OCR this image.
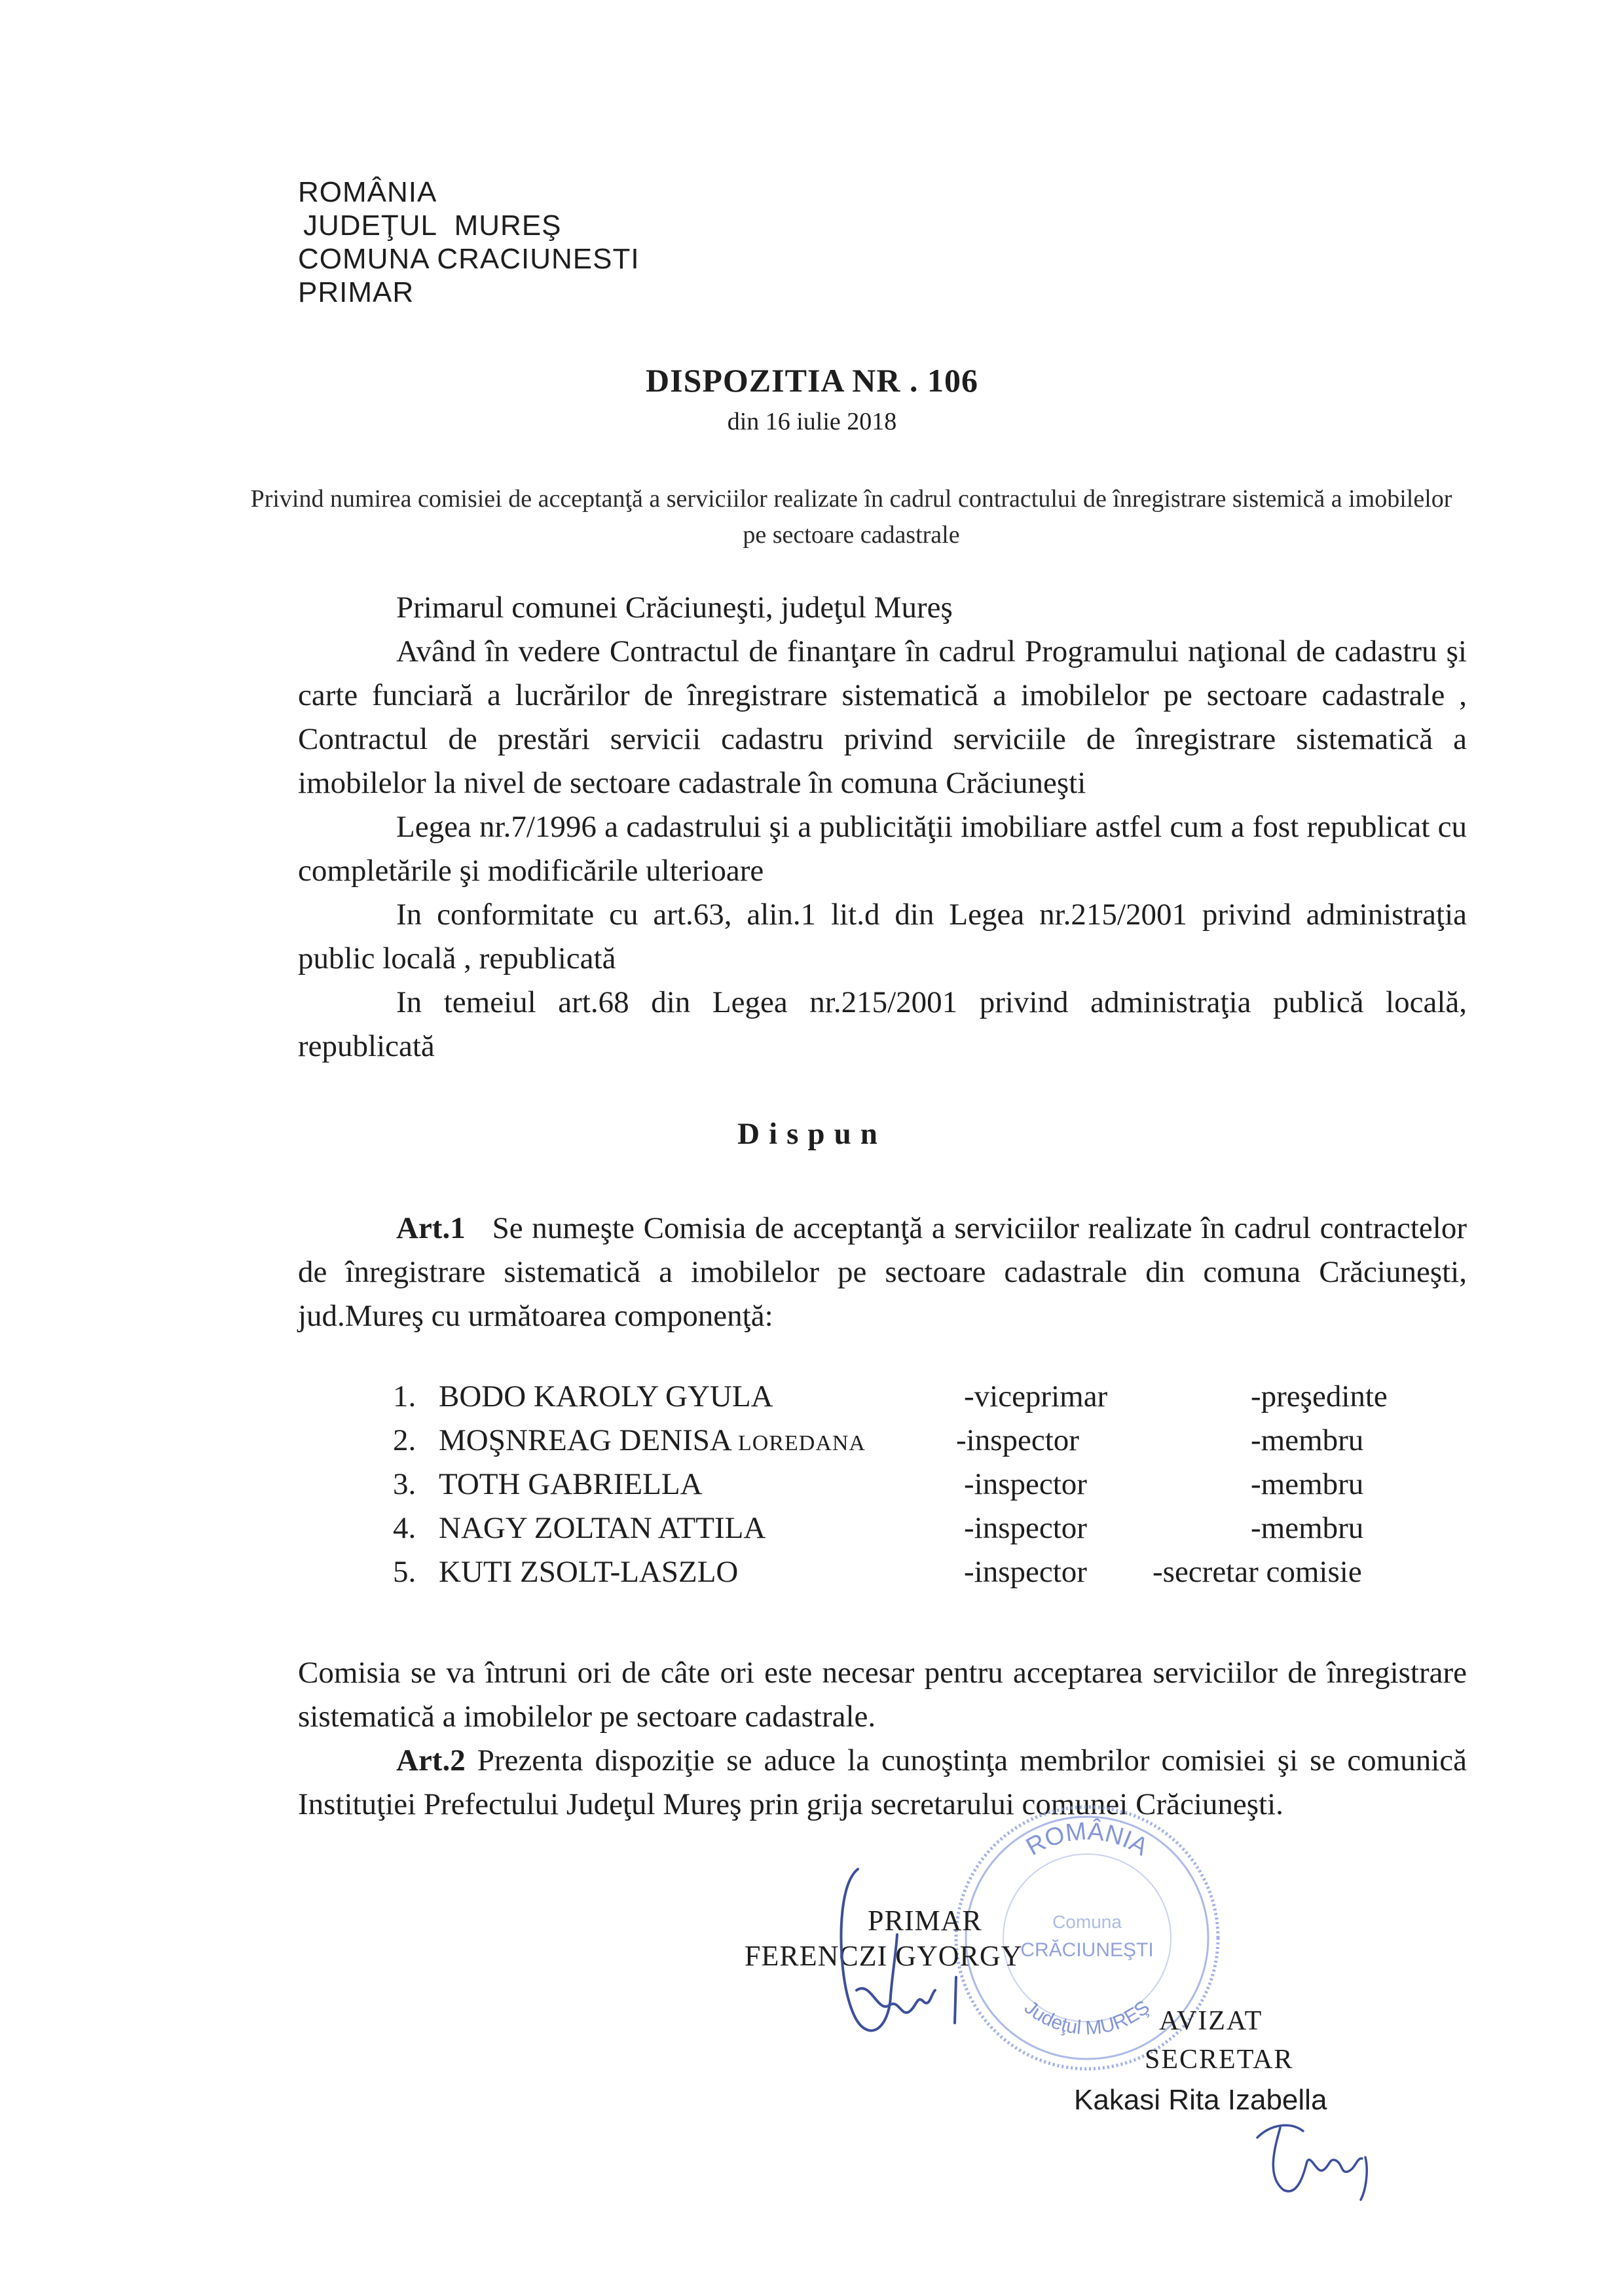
ROMÂNIA
JUDEŢUL MUREŞ
COMUNA CRACIUNESTI
PRIMAR
DISPOZITIA NR . 106
din 16 iulie 2018
Privind numirea comisiei de acceptanţă a serviciilor realizate în cadrul contractului de înregistrare sistemică a imobilelor pe sectoare cadastrale

Primarul comunei Crăciuneşti, judeţul Mureş

Având în vedere Contractul de finanţare în cadrul Programului naţional de cadastru şi carte funciară a lucrărilor de înregistrare sistematică a imobilelor pe sectoare cadastrale , Contractul de prestări servicii cadastru privind serviciile de înregistrare sistematică a imobilelor la nivel de sectoare cadastrale în comuna Crăciuneşti

Legea nr.7/1996 a cadastrului şi a publicităţii imobiliare astfel cum a fost republicat cu completările şi modificările ulterioare

In conformitate cu art.63, alin.1 lit.d din Legea nr.215/2001 privind administraţia public locală , republicată

In temeiul art.68 din Legea nr.215/2001 privind administraţia publică locală, republicată

Dispun

Art.1 Se numeşte Comisia de acceptanţă a serviciilor realizate în cadrul contractelor de înregistrare sistematică a imobilelor pe sectoare cadastrale din comuna Crăciuneşti, jud.Mureş cu următoarea componenţă:

1. BODO KAROLY GYULA	-viceprimar	-preşedinte
2. MOŞNREAG DENISA LOREDANA	-inspector	-membru
3. TOTH GABRIELLA	-inspector	-membru
4. NAGY ZOLTAN ATTILA	-inspector	-membru
5. KUTI ZSOLT-LASZLO	-inspector -secretar comisie

Comisia se va întruni ori de câte ori este necesar pentru acceptarea serviciilor de înregistrare sistematică a imobilelor pe sectoare cadastrale.

Art.2 Prezenta dispoziţie se aduce la cunoştinţa membrilor comisiei şi se comunică Instituţiei Prefectului Judeţul Mureş prin grija secretarului comunei Crăciuneşti.

ROMÂNIA
Comuna
CRĂCIUNEŞTI
Judeţul MUREŞ
PRIMAR
FERENCZI GYORGY
AVIZAT
SECRETAR
Kakasi Rita Izabella
